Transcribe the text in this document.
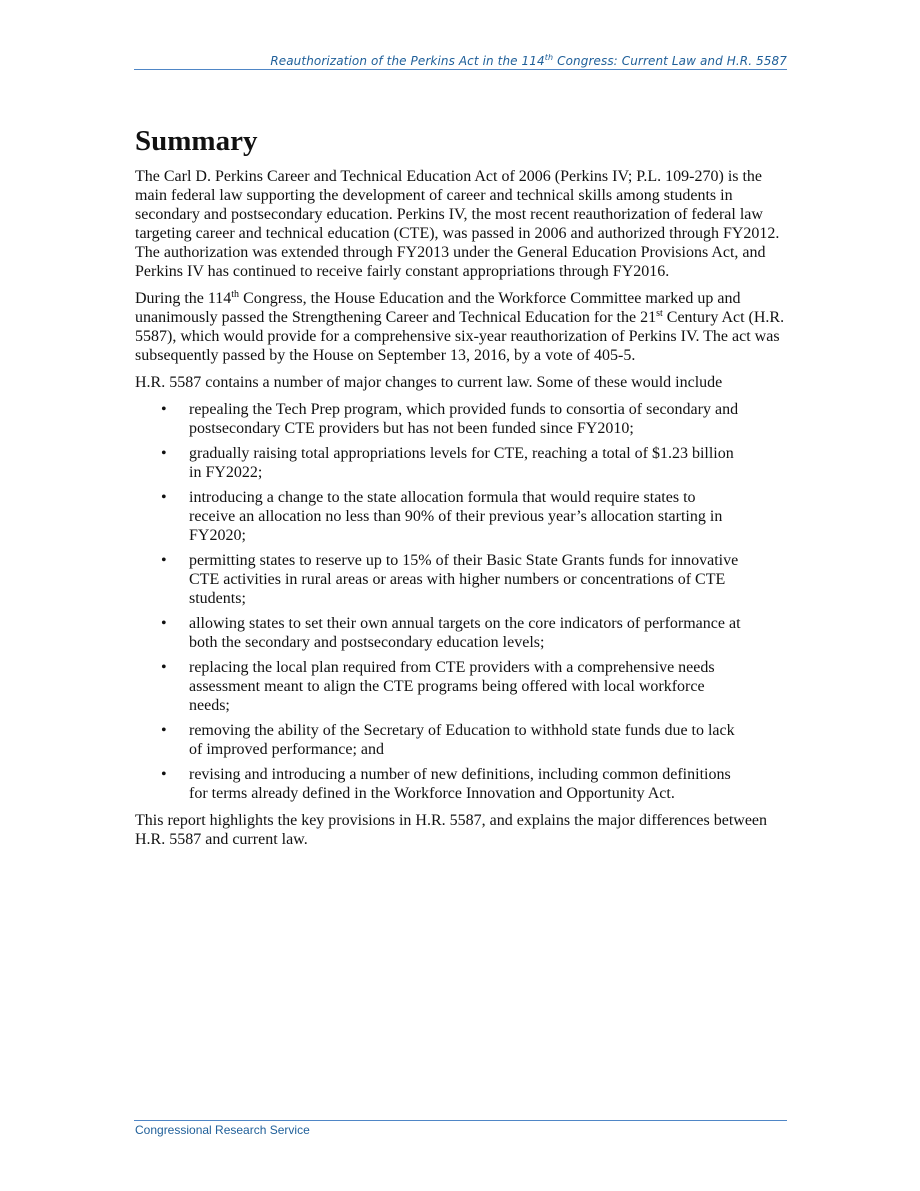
Reauthorization of the Perkins Act in the 114th Congress: Current Law and H.R. 5587
Summary

The Carl D. Perkins Career and Technical Education Act of 2006 (Perkins IV; P.L. 109-270) is the main federal law supporting the development of career and technical skills among students in secondary and postsecondary education. Perkins IV, the most recent reauthorization of federal law targeting career and technical education (CTE), was passed in 2006 and authorized through FY2012. The authorization was extended through FY2013 under the General Education Provisions Act, and Perkins IV has continued to receive fairly constant appropriations through FY2016.

During the 114th Congress, the House Education and the Workforce Committee marked up and unanimously passed the Strengthening Career and Technical Education for the 21st Century Act (H.R. 5587), which would provide for a comprehensive six-year reauthorization of Perkins IV. The act was subsequently passed by the House on September 13, 2016, by a vote of 405-5.

H.R. 5587 contains a number of major changes to current law. Some of these would include

• repealing the Tech Prep program, which provided funds to consortia of secondary and postsecondary CTE providers but has not been funded since FY2010;
• gradually raising total appropriations levels for CTE, reaching a total of $1.23 billion in FY2022;
• introducing a change to the state allocation formula that would require states to receive an allocation no less than 90% of their previous year’s allocation starting in FY2020;
• permitting states to reserve up to 15% of their Basic State Grants funds for innovative CTE activities in rural areas or areas with higher numbers or concentrations of CTE students;
• allowing states to set their own annual targets on the core indicators of performance at both the secondary and postsecondary education levels;
• replacing the local plan required from CTE providers with a comprehensive needs assessment meant to align the CTE programs being offered with local workforce needs;
• removing the ability of the Secretary of Education to withhold state funds due to lack of improved performance; and
• revising and introducing a number of new definitions, including common definitions for terms already defined in the Workforce Innovation and Opportunity Act.

This report highlights the key provisions in H.R. 5587, and explains the major differences between H.R. 5587 and current law.

Congressional Research Service
